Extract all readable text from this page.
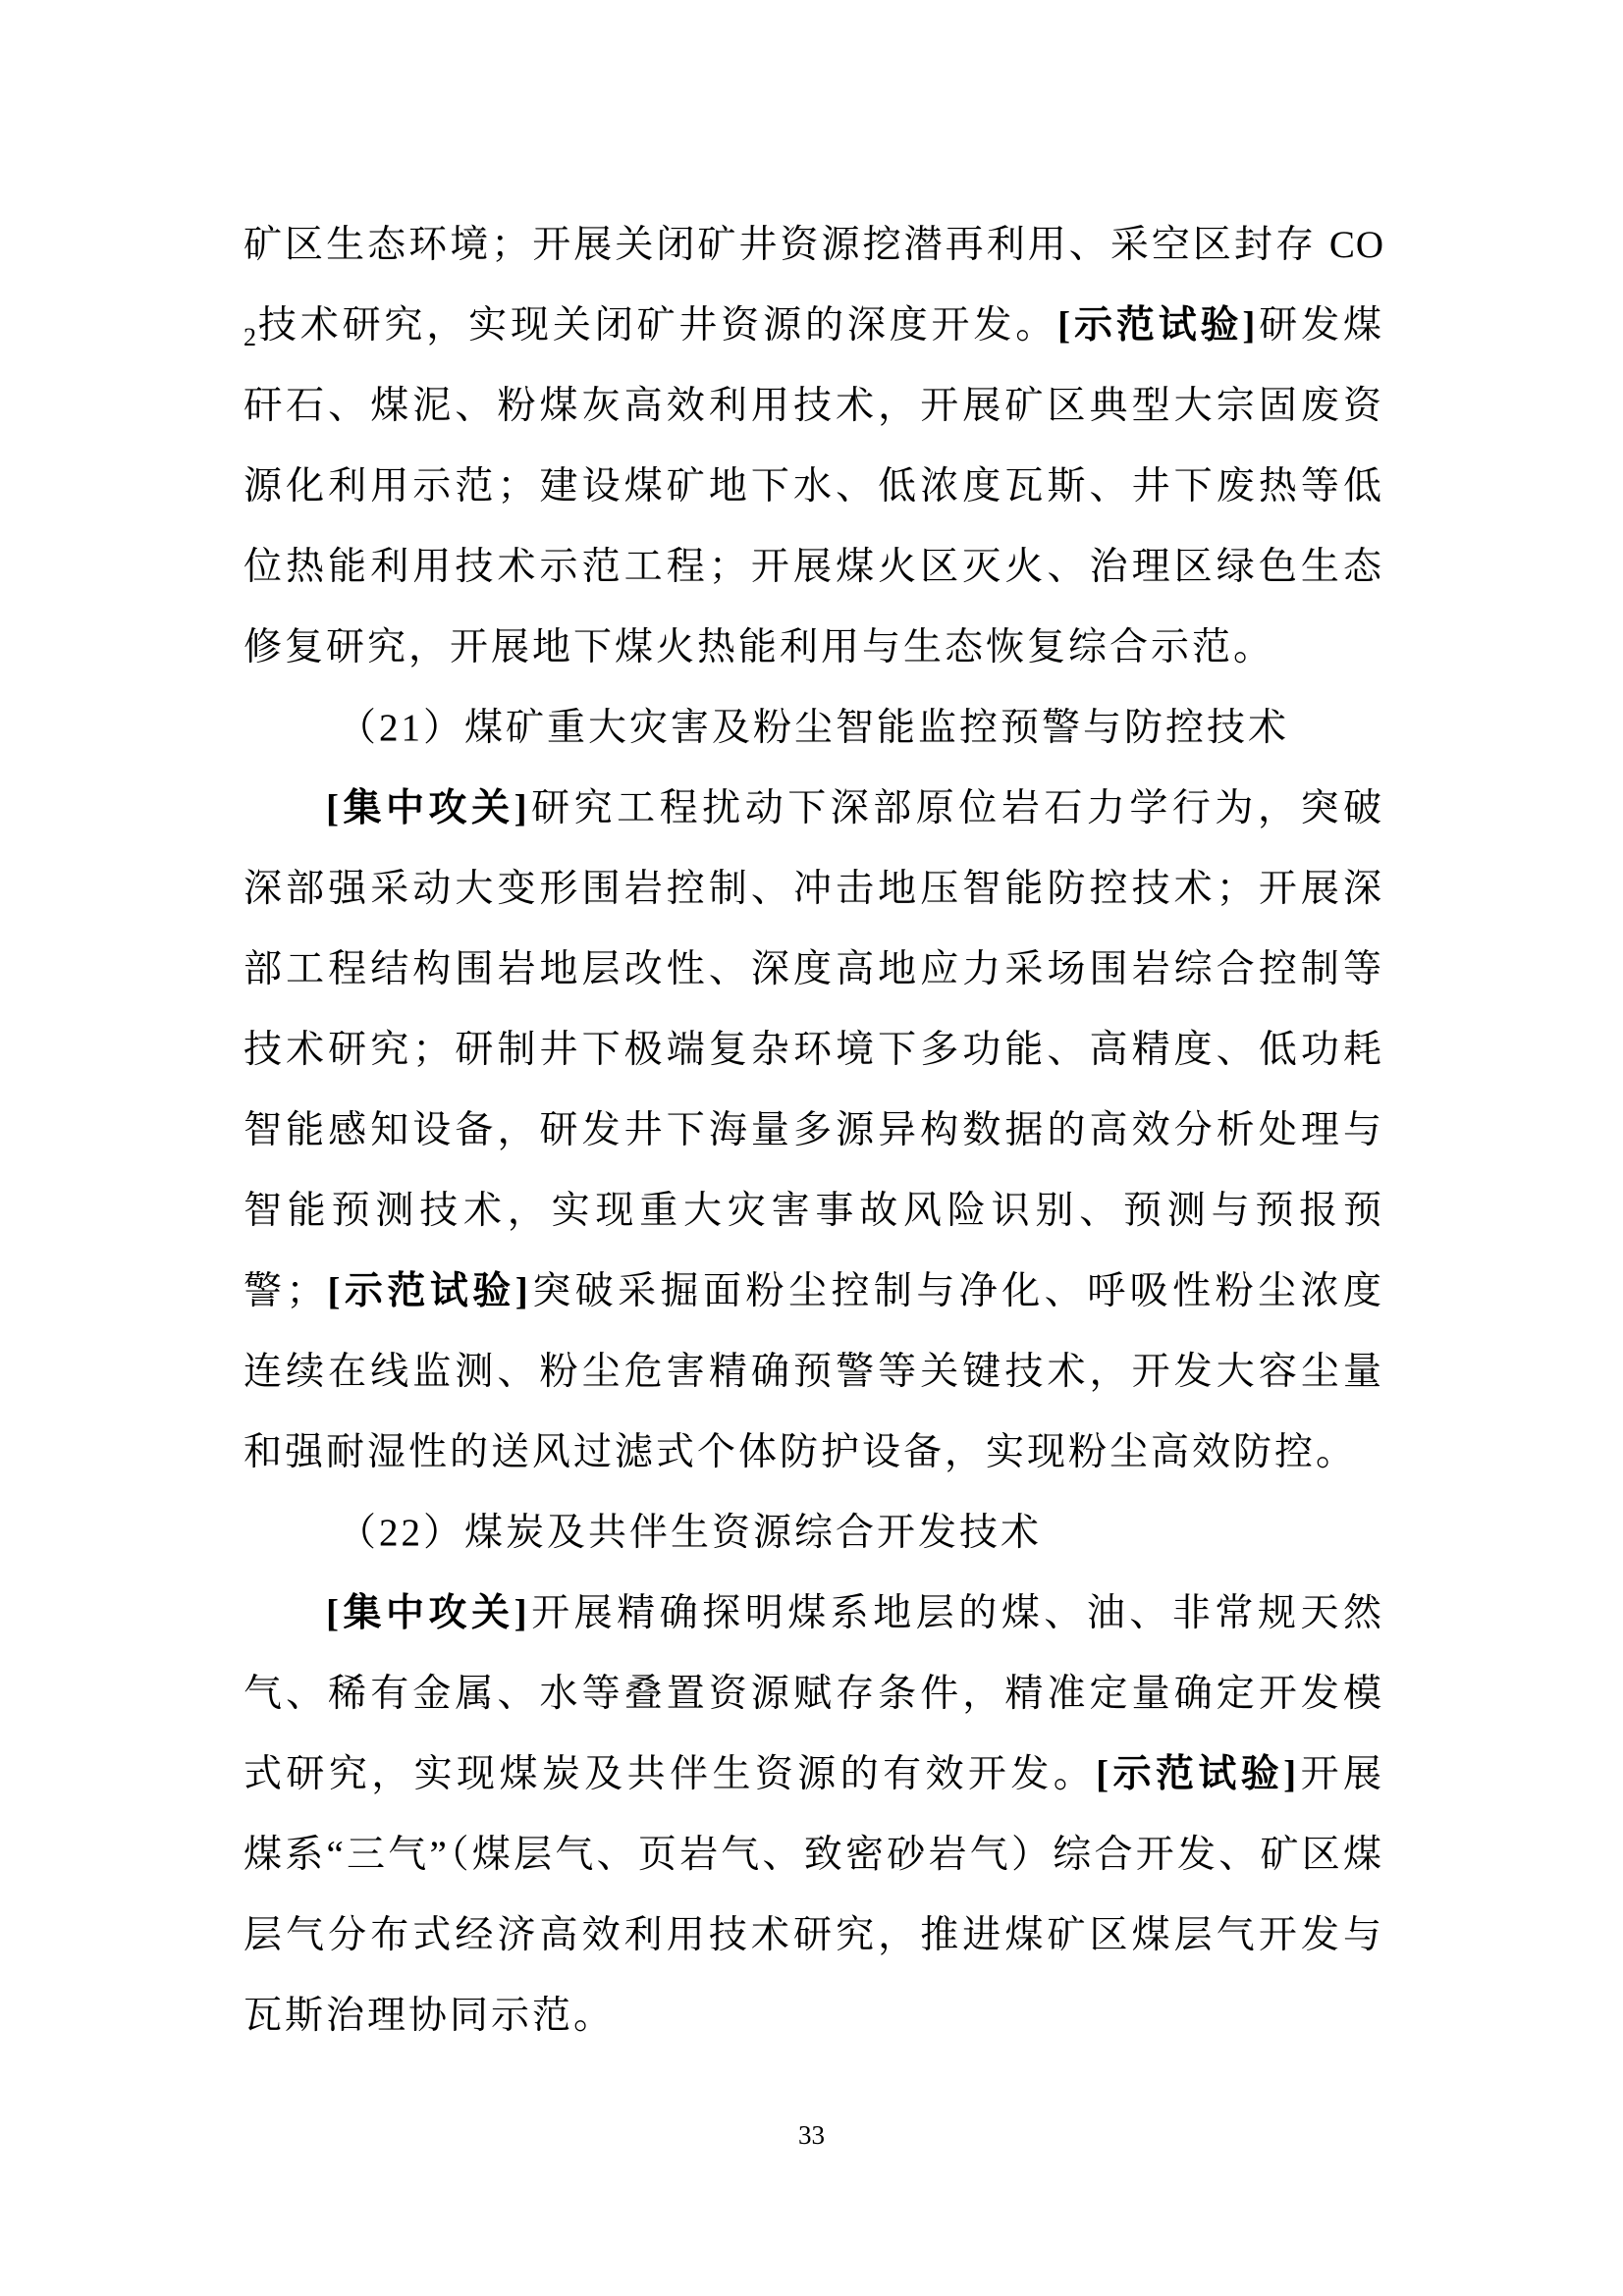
矿区生态环境；开展关闭矿井资源挖潜再利用、采空区封存 $CO_2$技术研究，实现关闭矿井资源的深度开发。[示范试验]研发煤矸石、煤泥、粉煤灰高效利用技术，开展矿区典型大宗固废资源化利用示范；建设煤矿地下水、低浓度瓦斯、井下废热等低位热能利用技术示范工程；开展煤火区灭火、治理区绿色生态修复研究，开展地下煤火热能利用与生态恢复综合示范。

（21）煤矿重大灾害及粉尘智能监控预警与防控技术

[集中攻关]研究工程扰动下深部原位岩石力学行为，突破深部强采动大变形围岩控制、冲击地压智能防控技术；开展深部工程结构围岩地层改性、深度高地应力采场围岩综合控制等技术研究；研制井下极端复杂环境下多功能、高精度、低功耗智能感知设备，研发井下海量多源异构数据的高效分析处理与智能预测技术，实现重大灾害事故风险识别、预测与预报预警；[示范试验]突破采掘面粉尘控制与净化、呼吸性粉尘浓度连续在线监测、粉尘危害精确预警等关键技术，开发大容尘量和强耐湿性的送风过滤式个体防护设备，实现粉尘高效防控。

（22）煤炭及共伴生资源综合开发技术

[集中攻关]开展精确探明煤系地层的煤、油、非常规天然气、稀有金属、水等叠置资源赋存条件，精准定量确定开发模式研究，实现煤炭及共伴生资源的有效开发。[示范试验]开展煤系“三气”（煤层气、页岩气、致密砂岩气）综合开发、矿区煤层气分布式经济高效利用技术研究，推进煤矿区煤层气开发与瓦斯治理协同示范。

33
